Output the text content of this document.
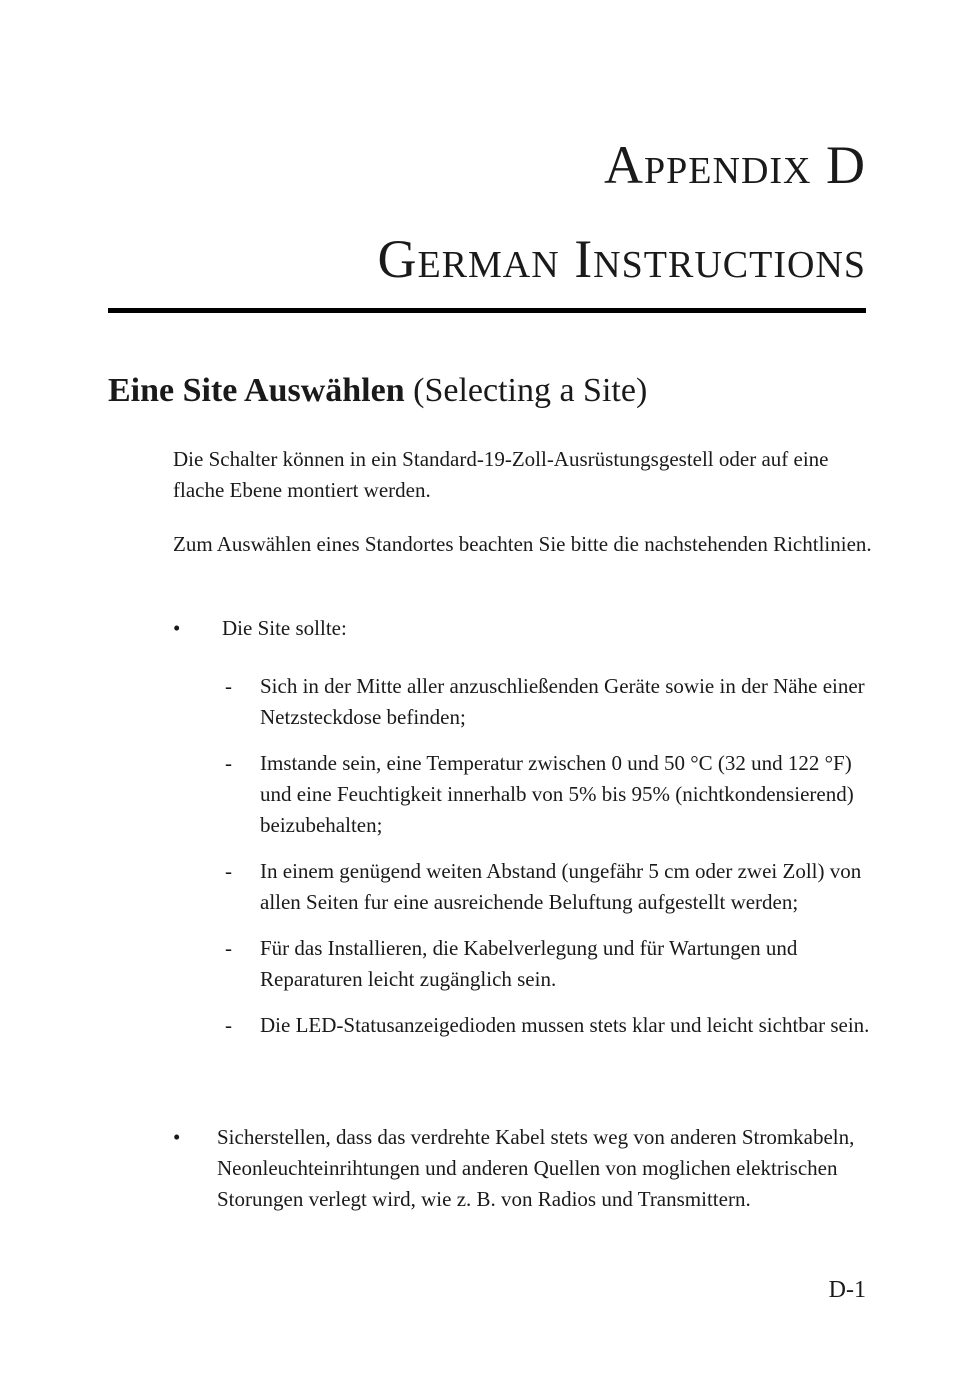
Appendix D

German Instructions

Eine Site Auswählen (Selecting a Site)

Die Schalter können in ein Standard-19-Zoll-Ausrüstungsgestell oder auf eine flache Ebene montiert werden.

Zum Auswählen eines Standortes beachten Sie bitte die nachstehenden Richtlinien.

•	Die Site sollte:
- Sich in der Mitte aller anzuschließenden Geräte sowie in der Nähe einer Netzsteckdose befinden;
- Imstande sein, eine Temperatur zwischen 0 und 50 °C (32 und 122 °F) und eine Feuchtigkeit innerhalb von 5% bis 95% (nichtkondensierend) beizubehalten;
- In einem genügend weiten Abstand (ungefähr 5 cm oder zwei Zoll) von allen Seiten fur eine ausreichende Beluftung aufgestellt werden;
- Für das Installieren, die Kabelverlegung und für Wartungen und Reparaturen leicht zugänglich sein.
- Die LED-Statusanzeigedioden mussen stets klar und leicht sichtbar sein.
•	Sicherstellen, dass das verdrehte Kabel stets weg von anderen Stromkabeln, Neonleuchteinrihtungen und anderen Quellen von moglichen elektrischen Storungen verlegt wird, wie z. B. von Radios und Transmittern.
D-1
